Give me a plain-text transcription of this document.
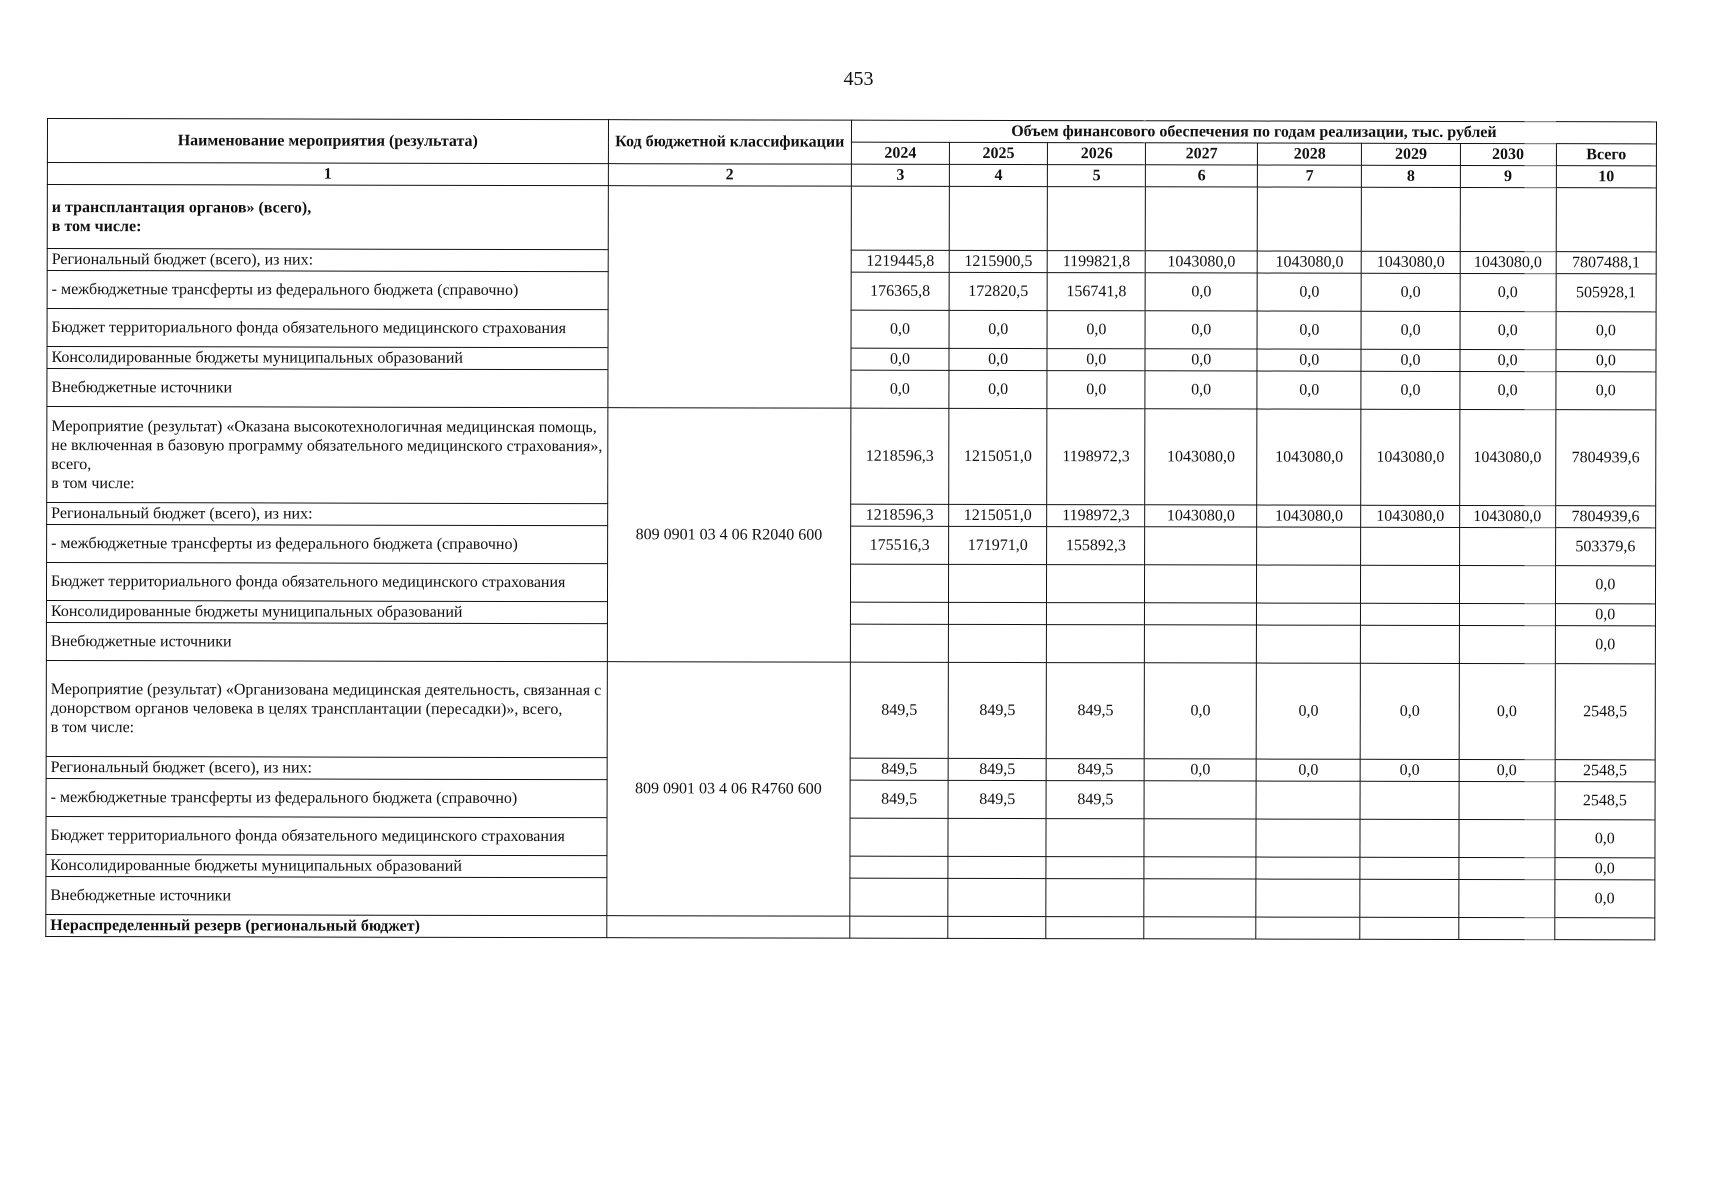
453
Наименование мероприятия (результата)	Код бюджетной классификации	Объем финансового обеспечения по годам реализации, тыс. рублей							
		2024	2025	2026	2027	2028	2029	2030	Всего
1	2	3	4	5	6	7	8	9	10
и трансплантация органов» (всего),
в том числе:									
Региональный бюджет (всего), из них:		1219445,8	1215900,5	1199821,8	1043080,0	1043080,0	1043080,0	1043080,0	7807488,1
- межбюджетные трансферты из федерального бюджета (справочно)		176365,8	172820,5	156741,8	0,0	0,0	0,0	0,0	505928,1
Бюджет территориального фонда обязательного медицинского страхования		0,0	0,0	0,0	0,0	0,0	0,0	0,0	0,0
Консолидированные бюджеты муниципальных образований		0,0	0,0	0,0	0,0	0,0	0,0	0,0	0,0
Внебюджетные источники		0,0	0,0	0,0	0,0	0,0	0,0	0,0	0,0
Мероприятие (результат) «Оказана высокотехнологичная медицинская помощь, не включенная в базовую программу обязательного медицинского страхования», всего,
в том числе:	809 0901 03 4 06 R2040 600	1218596,3	1215051,0	1198972,3	1043080,0	1043080,0	1043080,0	1043080,0	7804939,6
Региональный бюджет (всего), из них:		1218596,3	1215051,0	1198972,3	1043080,0	1043080,0	1043080,0	1043080,0	7804939,6
- межбюджетные трансферты из федерального бюджета (справочно)		175516,3	171971,0	155892,3					503379,6
Бюджет территориального фонда обязательного медицинского страхования									0,0
Консолидированные бюджеты муниципальных образований									0,0
Внебюджетные источники									0,0
Мероприятие (результат) «Организована медицинская деятельность, связанная с донорством органов человека в целях трансплантации (пересадки)», всего,
в том числе:	809 0901 03 4 06 R4760 600	849,5	849,5	849,5	0,0	0,0	0,0	0,0	2548,5
Региональный бюджет (всего), из них:		849,5	849,5	849,5	0,0	0,0	0,0	0,0	2548,5
- межбюджетные трансферты из федерального бюджета (справочно)		849,5	849,5	849,5					2548,5
Бюджет территориального фонда обязательного медицинского страхования									0,0
Консолидированные бюджеты муниципальных образований									0,0
Внебюджетные источники									0,0
Нераспределенный резерв (региональный бюджет)									
